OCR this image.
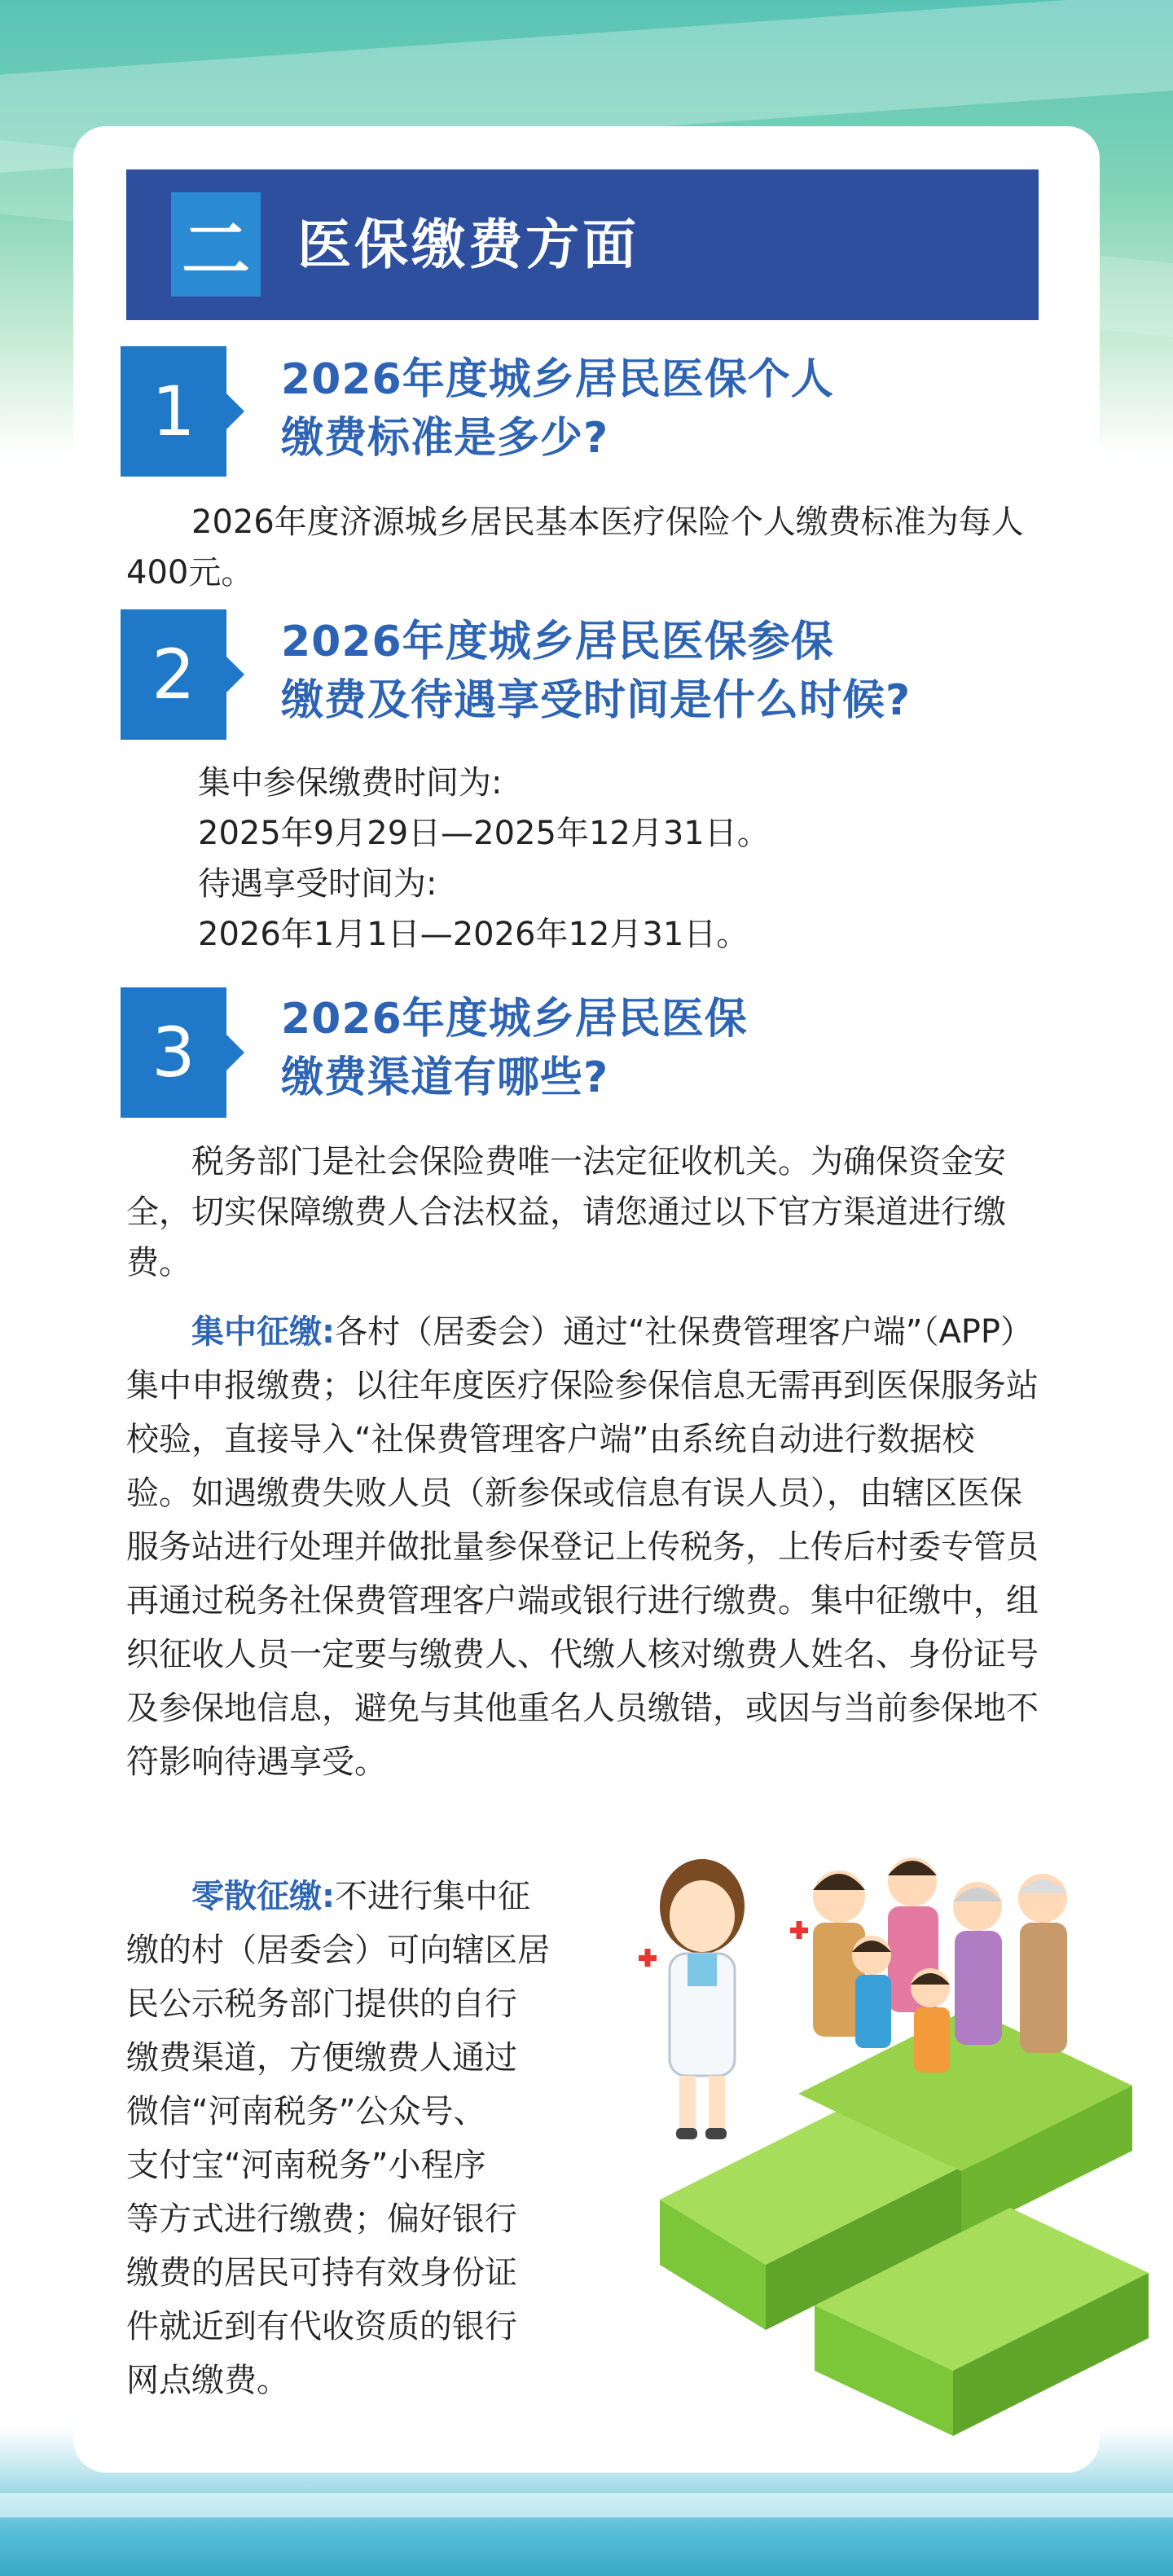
二 医保缴费方面
1	2026年度城乡居民医保个人
缴费标准是多少?

2026年度济源城乡居民基本医疗保险个人缴费标准为每人400元。

2	2026年度城乡居民医保参保
缴费及待遇享受时间是什么时候?
集中参保缴费时间为:
2025年9月29日—2025年12月31日。
待遇享受时间为:
2026年1月1日—2026年12月31日。
3	2026年度城乡居民医保
缴费渠道有哪些?

税务部门是社会保险费唯一法定征收机关。为确保资金安全，切实保障缴费人合法权益，请您通过以下官方渠道进行缴费。

集中征缴:各村（居委会）通过“社保费管理客户端”（APP）集中申报缴费；以往年度医疗保险参保信息无需再到医保服务站校验，直接导入“社保费管理客户端”由系统自动进行数据校验。如遇缴费失败人员（新参保或信息有误人员），由辖区医保服务站进行处理并做批量参保登记上传税务，上传后村委专管员再通过税务社保费管理客户端或银行进行缴费。集中征缴中，组织征收人员一定要与缴费人、代缴人核对缴费人姓名、身份证号及参保地信息，避免与其他重名人员缴错，或因与当前参保地不符影响待遇享受。

零散征缴:不进行集中征
缴的村（居委会）可向辖区居
民公示税务部门提供的自行
缴费渠道，方便缴费人通过
微信“河南税务”公众号、
支付宝“河南税务”小程序
等方式进行缴费；偏好银行
缴费的居民可持有效身份证
件就近到有代收资质的银行
网点缴费。
